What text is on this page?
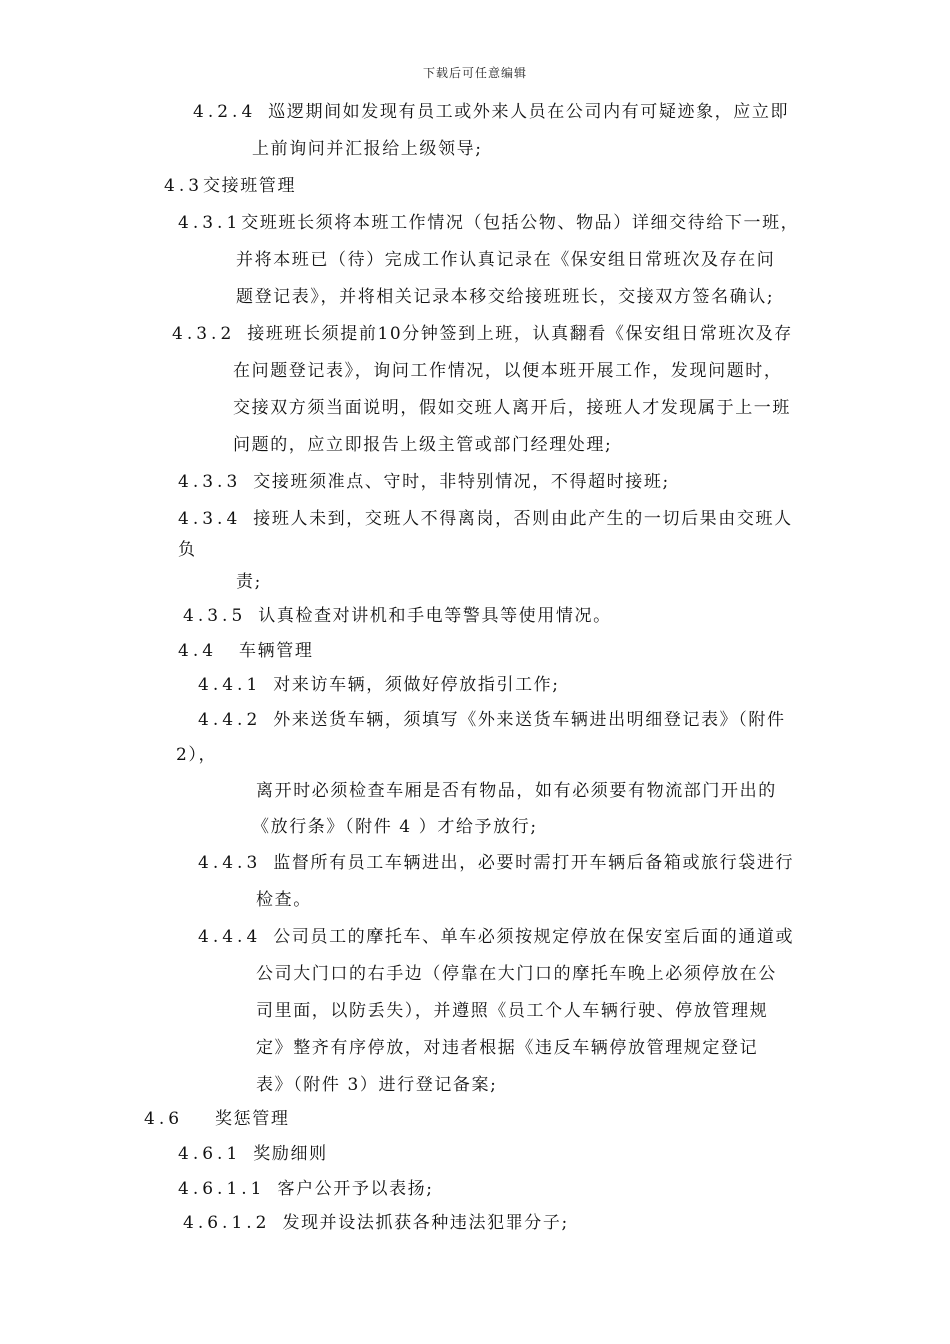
下载后可任意编辑
4.2.4 巡逻期间如发现有员工或外来人员在公司内有可疑迹象，应立即
上前询问并汇报给上级领导;
4.3交接班管理
4.3.1交班班长须将本班工作情况（包括公物、物品）详细交待给下一班，
并将本班已（待）完成工作认真记录在《保安组日常班次及存在问
题登记表》，并将相关记录本移交给接班班长，交接双方签名确认;
4.3.2 接班班长须提前10分钟签到上班，认真翻看《保安组日常班次及存
在问题登记表》，询问工作情况，以便本班开展工作，发现问题时，
交接双方须当面说明，假如交班人离开后，接班人才发现属于上一班
问题的，应立即报告上级主管或部门经理处理;
4.3.3 交接班须准点、守时，非特别情况，不得超时接班;
4.3.4 接班人未到，交班人不得离岗，否则由此产生的一切后果由交班人
负
责;
4.3.5 认真检查对讲机和手电等警具等使用情况。
4.4 车辆管理
4.4.1 对来访车辆，须做好停放指引工作;
4.4.2 外来送货车辆，须填写《外来送货车辆进出明细登记表》（附件
2），
离开时必须检查车厢是否有物品，如有必须要有物流部门开出的
《放行条》（附件 4 ）才给予放行;
4.4.3 监督所有员工车辆进出，必要时需打开车辆后备箱或旅行袋进行
检查。
4.4.4 公司员工的摩托车、单车必须按规定停放在保安室后面的通道或
公司大门口的右手边（停靠在大门口的摩托车晚上必须停放在公
司里面，以防丢失），并遵照《员工个人车辆行驶、停放管理规
定》整齐有序停放，对违者根据《违反车辆停放管理规定登记
表》（附件 3）进行登记备案;
4.6 奖惩管理
4.6.1 奖励细则
4.6.1.1 客户公开予以表扬;
4.6.1.2 发现并设法抓获各种违法犯罪分子;
